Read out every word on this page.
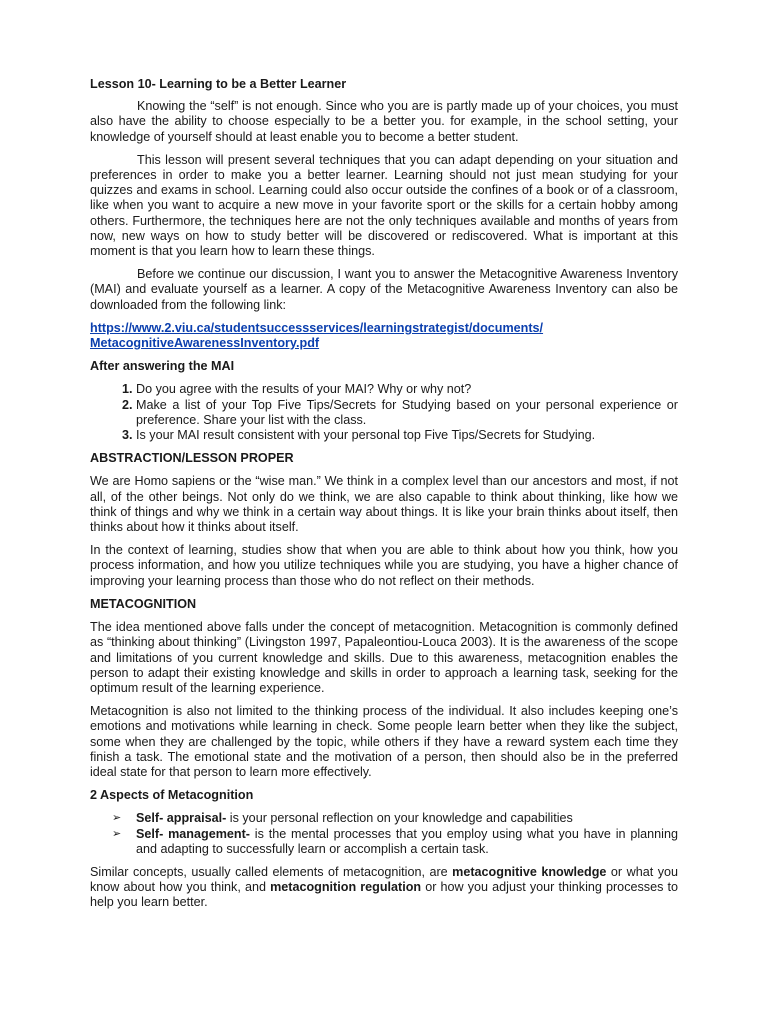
Lesson 10- Learning to be a Better Learner

Knowing the “self” is not enough. Since who you are is partly made up of your choices, you must also have the ability to choose especially to be a better you. for example, in the school setting, your knowledge of yourself should at least enable you to become a better student.

This lesson will present several techniques that you can adapt depending on your situation and preferences in order to make you a better learner. Learning should not just mean studying for your quizzes and exams in school. Learning could also occur outside the confines of a book or of a classroom, like when you want to acquire a new move in your favorite sport or the skills for a certain hobby among others. Furthermore, the techniques here are not the only techniques available and months of years from now, new ways on how to study better will be discovered or rediscovered. What is important at this moment is that you learn how to learn these things.

Before we continue our discussion, I want you to answer the Metacognitive Awareness Inventory (MAI) and evaluate yourself as a learner. A copy of the Metacognitive Awareness Inventory can also be downloaded from the following link:

https://www.2.viu.ca/studentsuccessservices/learningstrategist/documents/
MetacognitiveAwarenessInventory.pdf

After answering the MAI

1. Do you agree with the results of your MAI? Why or why not?
2. Make a list of your Top Five Tips/Secrets for Studying based on your personal experience or preference. Share your list with the class.
3. Is your MAI result consistent with your personal top Five Tips/Secrets for Studying.

ABSTRACTION/LESSON PROPER

We are Homo sapiens or the “wise man.” We think in a complex level than our ancestors and most, if not all, of the other beings. Not only do we think, we are also capable to think about thinking, like how we think of things and why we think in a certain way about things. It is like your brain thinks about itself, then thinks about how it thinks about itself.

In the context of learning, studies show that when you are able to think about how you think, how you process information, and how you utilize techniques while you are studying, you have a higher chance of improving your learning process than those who do not reflect on their methods.

METACOGNITION

The idea mentioned above falls under the concept of metacognition. Metacognition is commonly defined as “thinking about thinking” (Livingston 1997, Papaleontiou-Louca 2003). It is the awareness of the scope and limitations of you current knowledge and skills. Due to this awareness, metacognition enables the person to adapt their existing knowledge and skills in order to approach a learning task, seeking for the optimum result of the learning experience.

Metacognition is also not limited to the thinking process of the individual. It also includes keeping one’s emotions and motivations while learning in check. Some people learn better when they like the subject, some when they are challenged by the topic, while others if they have a reward system each time they finish a task. The emotional state and the motivation of a person, then should also be in the preferred ideal state for that person to learn more effectively.

2 Aspects of Metacognition

➢ Self- appraisal- is your personal reflection on your knowledge and capabilities
➢ Self- management- is the mental processes that you employ using what you have in planning and adapting to successfully learn or accomplish a certain task.

Similar concepts, usually called elements of metacognition, are metacognitive knowledge or what you know about how you think, and metacognition regulation or how you adjust your thinking processes to help you learn better.
